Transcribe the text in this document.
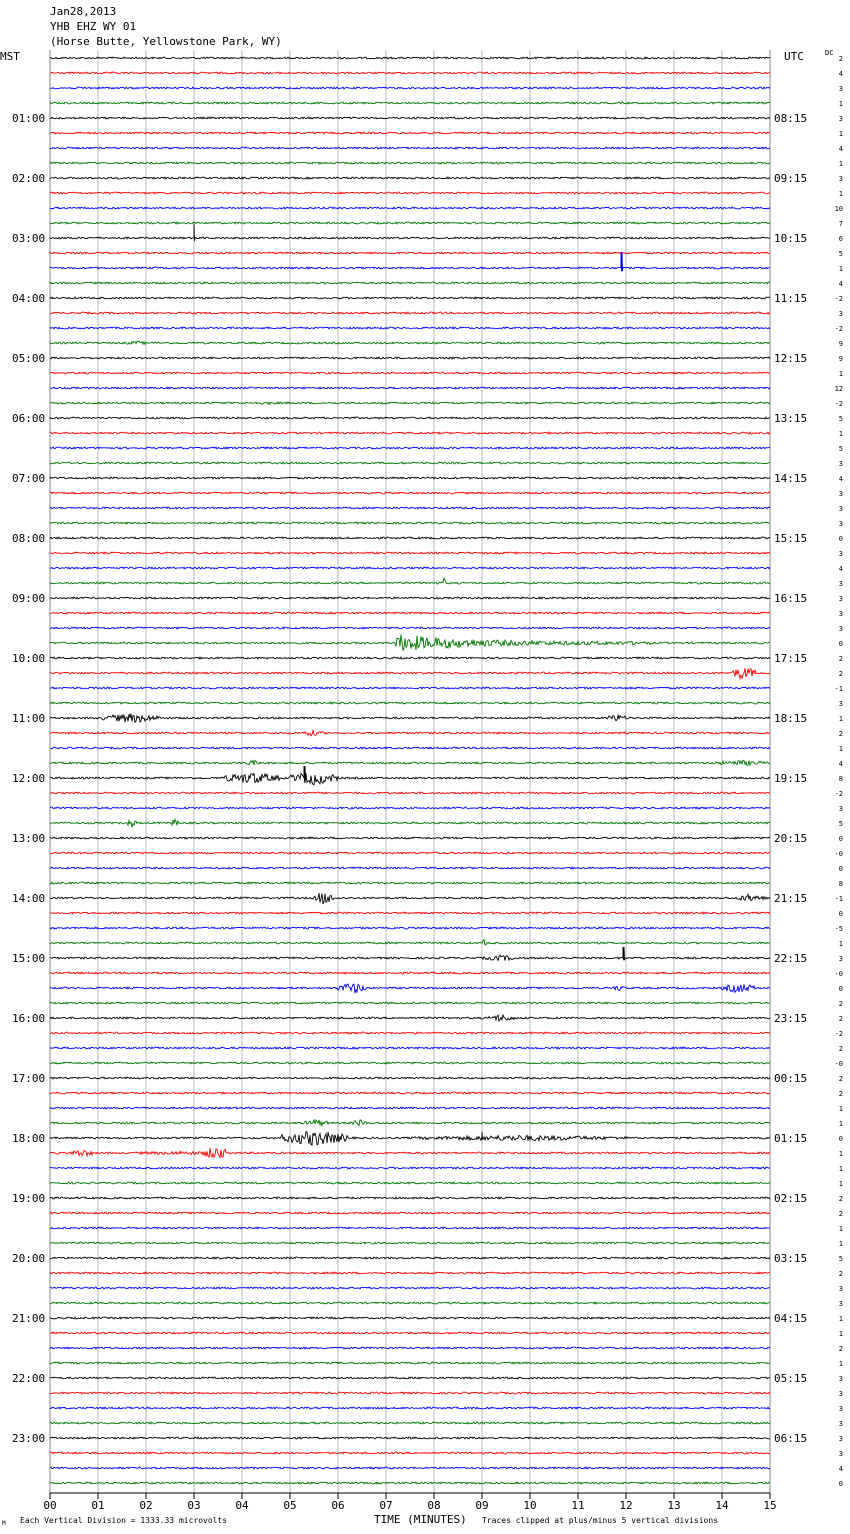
Jan28,2013
YHB EHZ WY 01
(Horse Butte, Yellowstone Park, WY)
00	01	02	03	04	05	06	07	08	09	10	11	12	13	14	15
01:00
02:00
03:00
04:00
05:00
06:00
07:00
08:00
09:00
10:00
11:00
12:00
13:00
14:00
15:00
16:00
17:00
18:00
19:00
20:00
21:00
22:00
23:00
08:15
09:15
10:15
11:15
12:15
13:15
14:15
15:15
16:15
17:15
18:15
19:15
20:15
21:15
22:15
23:15
00:15
01:15
02:15
03:15
04:15
05:15
06:15
2
4
3
1
3
1
4
1
3
1
10
7
6
5
1
4
-2
3
-2
9
9
1
12
-2
5
1
5
3
4
3
3
3
0
3
4
3
3
3
3
0
2
2
-1
3
1
2
1
4
8
-2
3
5
0
-0
0
8
-1
0
-5
1
3
-0
0
2
2
-2
2
-0
2
2
1
1
0
1
1
1
2
2
1
1
5
2
3
3
1
1
2
1
3
3
3
3
3
3
4
0
MST	UTC	DC
Each Vertical Division = 1333.33 microvolts	TIME (MINUTES) Traces clipped at plus/minus 5 vertical divisions
M
